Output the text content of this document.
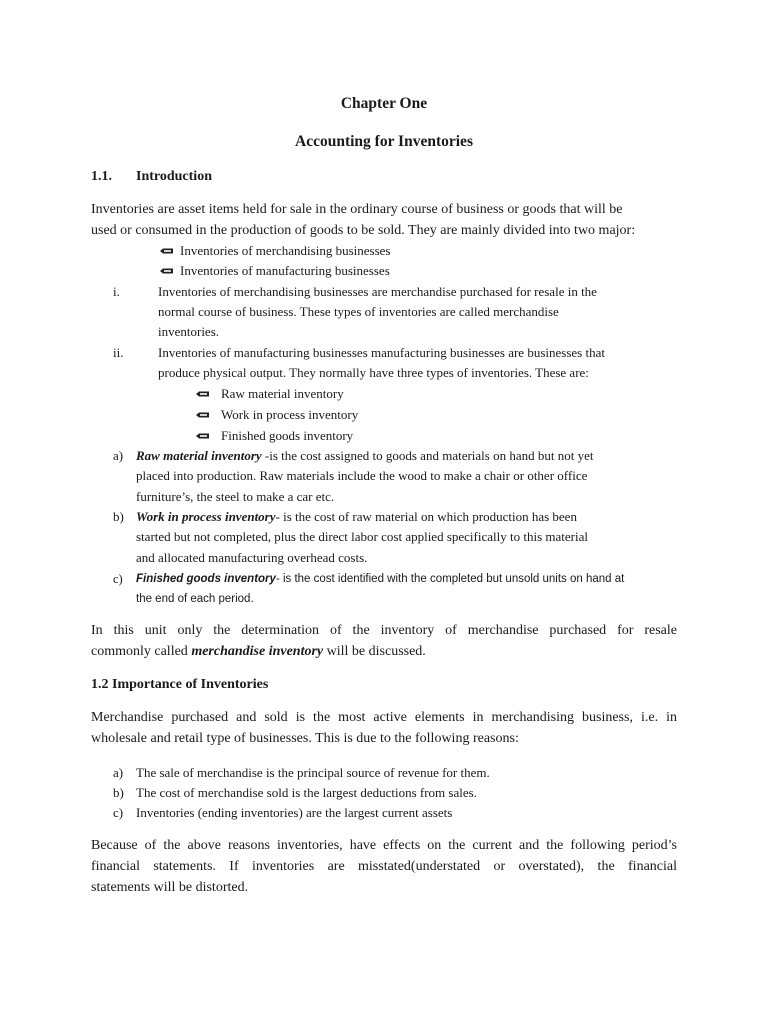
Chapter One
Accounting for Inventories
1.1. Introduction
Inventories are asset items held for sale in the ordinary course of business or goods that will be
used or consumed in the production of goods to be sold. They are mainly divided into two major:
Inventories of merchandising businesses
Inventories of manufacturing businesses
i.	Inventories of merchandising businesses are merchandise purchased for resale in the
normal course of business. These types of inventories are called merchandise
inventories.
ii.	Inventories of manufacturing businesses manufacturing businesses are businesses that
produce physical output. They normally have three types of inventories. These are:
Raw material inventory
Work in process inventory
Finished goods inventory
a) Raw material inventory -is the cost assigned to goods and materials on hand but not yet
placed into production. Raw materials include the wood to make a chair or other office
furniture’s, the steel to make a car etc.
b) Work in process inventory- is the cost of raw material on which production has been
started but not completed, plus the direct labor cost applied specifically to this material
and allocated manufacturing overhead costs.
c) Finished goods inventory- is the cost identified with the completed but unsold units on hand at
the end of each period.
In this unit only the determination of the inventory of merchandise purchased for resale
commonly called merchandise inventory will be discussed.
1.2 Importance of Inventories
Merchandise purchased and sold is the most active elements in merchandising business, i.e. in
wholesale and retail type of businesses. This is due to the following reasons:
a) The sale of merchandise is the principal source of revenue for them.
b) The cost of merchandise sold is the largest deductions from sales.
c) Inventories (ending inventories) are the largest current assets
Because of the above reasons inventories, have effects on the current and the following period’s
financial statements. If inventories are misstated(understated or overstated), the financial
statements will be distorted.
